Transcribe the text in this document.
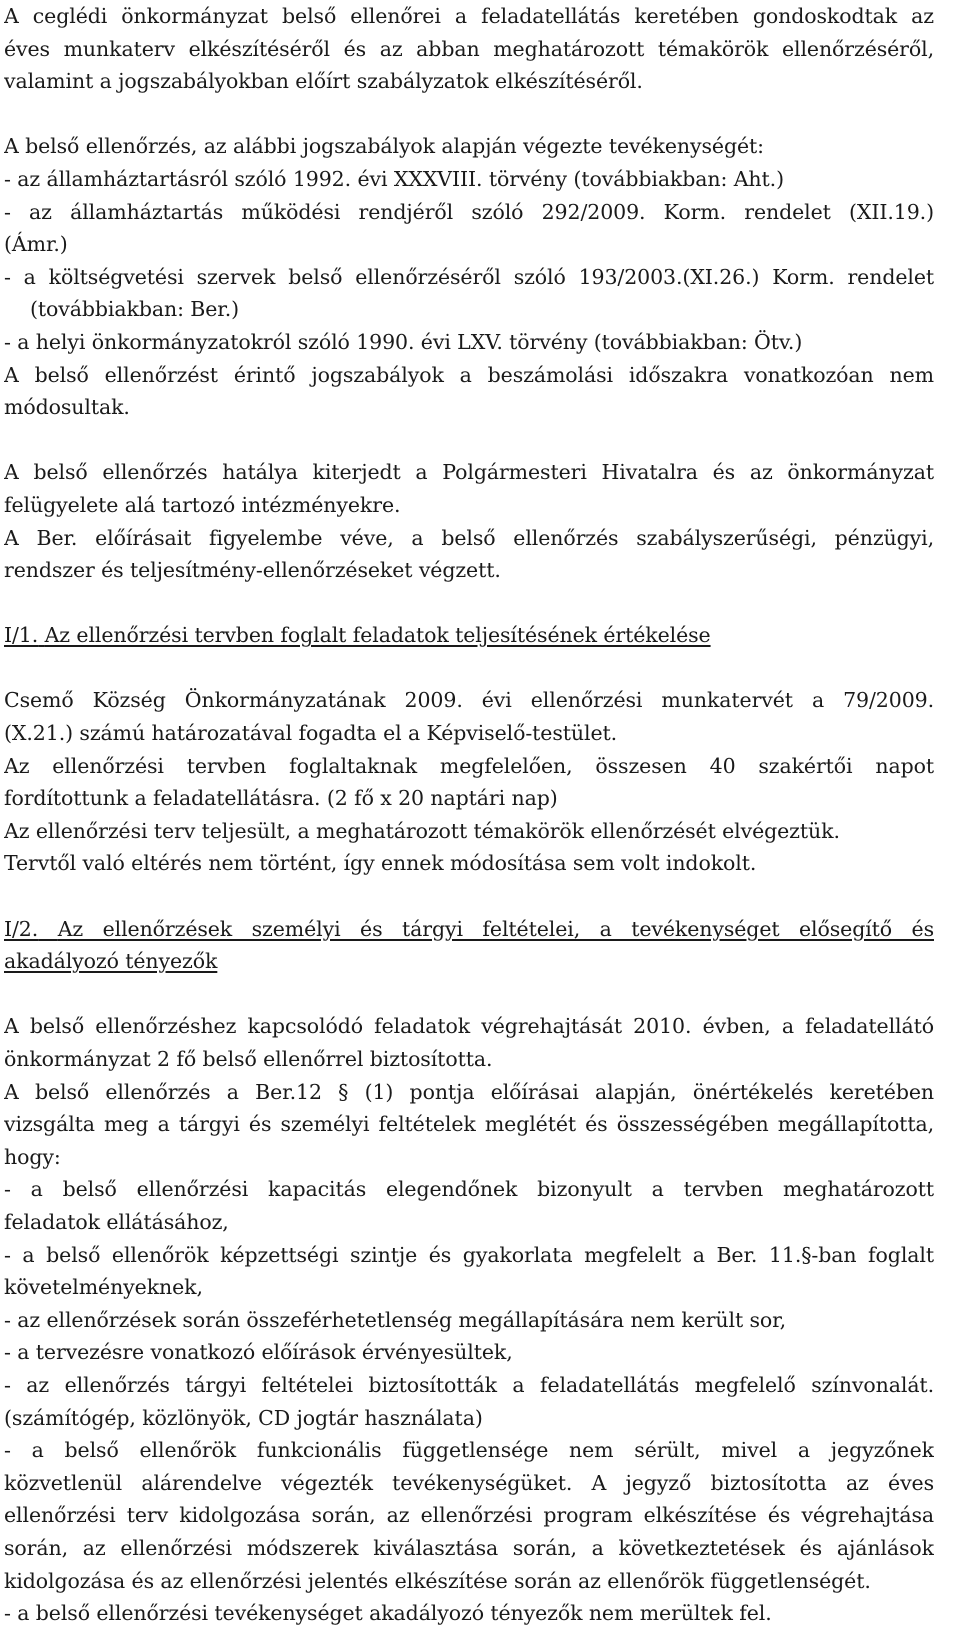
A ceglédi önkormányzat belső ellenőrei a feladatellátás keretében gondoskodtak az
éves munkaterv elkészítéséről és az abban meghatározott témakörök ellenőrzéséről,
valamint a jogszabályokban előírt szabályzatok elkészítéséről.
A belső ellenőrzés, az alábbi jogszabályok alapján végezte tevékenységét:
- az államháztartásról szóló 1992. évi XXXVIII. törvény (továbbiakban: Aht.)
- az államháztartás működési rendjéről szóló 292/2009. Korm. rendelet (XII.19.)
(Ámr.)
- a költségvetési szervek belső ellenőrzéséről szóló 193/2003.(XI.26.) Korm. rendelet
(továbbiakban: Ber.)
- a helyi önkormányzatokról szóló 1990. évi LXV. törvény (továbbiakban: Ötv.)
A belső ellenőrzést érintő jogszabályok a beszámolási időszakra vonatkozóan nem
módosultak.
A belső ellenőrzés hatálya kiterjedt a Polgármesteri Hivatalra és az önkormányzat
felügyelete alá tartozó intézményekre.
A Ber. előírásait figyelembe véve, a belső ellenőrzés szabályszerűségi, pénzügyi,
rendszer és teljesítmény-ellenőrzéseket végzett.
I/1. Az ellenőrzési tervben foglalt feladatok teljesítésének értékelése
Csemő Község Önkormányzatának 2009. évi ellenőrzési munkatervét a 79/2009.
(X.21.) számú határozatával fogadta el a Képviselő-testület.
Az ellenőrzési tervben foglaltaknak megfelelően, összesen 40 szakértői napot
fordítottunk a feladatellátásra. (2 fő x 20 naptári nap)
Az ellenőrzési terv teljesült, a meghatározott témakörök ellenőrzését elvégeztük.
Tervtől való eltérés nem történt, így ennek módosítása sem volt indokolt.
I/2. Az ellenőrzések személyi és tárgyi feltételei, a tevékenységet elősegítő és
akadályozó tényezők
A belső ellenőrzéshez kapcsolódó feladatok végrehajtását 2010. évben, a feladatellátó
önkormányzat 2 fő belső ellenőrrel biztosította.
A belső ellenőrzés a Ber.12 § (1) pontja előírásai alapján, önértékelés keretében
vizsgálta meg a tárgyi és személyi feltételek meglétét és összességében megállapította,
hogy:
- a belső ellenőrzési kapacitás elegendőnek bizonyult a tervben meghatározott
feladatok ellátásához,
- a belső ellenőrök képzettségi szintje és gyakorlata megfelelt a Ber. 11.§-ban foglalt
követelményeknek,
- az ellenőrzések során összeférhetetlenség megállapítására nem került sor,
- a tervezésre vonatkozó előírások érvényesültek,
- az ellenőrzés tárgyi feltételei biztosították a feladatellátás megfelelő színvonalát.
(számítógép, közlönyök, CD jogtár használata)
- a belső ellenőrök funkcionális függetlensége nem sérült, mivel a jegyzőnek
közvetlenül alárendelve végezték tevékenységüket. A jegyző biztosította az éves
ellenőrzési terv kidolgozása során, az ellenőrzési program elkészítése és végrehajtása
során, az ellenőrzési módszerek kiválasztása során, a következtetések és ajánlások
kidolgozása és az ellenőrzési jelentés elkészítése során az ellenőrök függetlenségét.
- a belső ellenőrzési tevékenységet akadályozó tényezők nem merültek fel.
